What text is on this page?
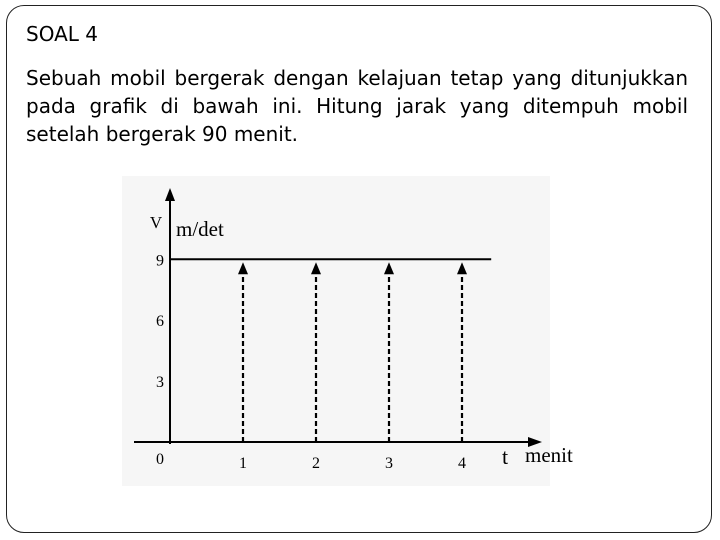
SOAL 4
Sebuah mobil bergerak dengan kelajuan tetap yang ditunjukkan pada grafik di bawah ini. Hitung jarak yang ditempuh mobil setelah bergerak 90 menit.
3
6
9
1	2	3	4
0
V m/det
t menit
